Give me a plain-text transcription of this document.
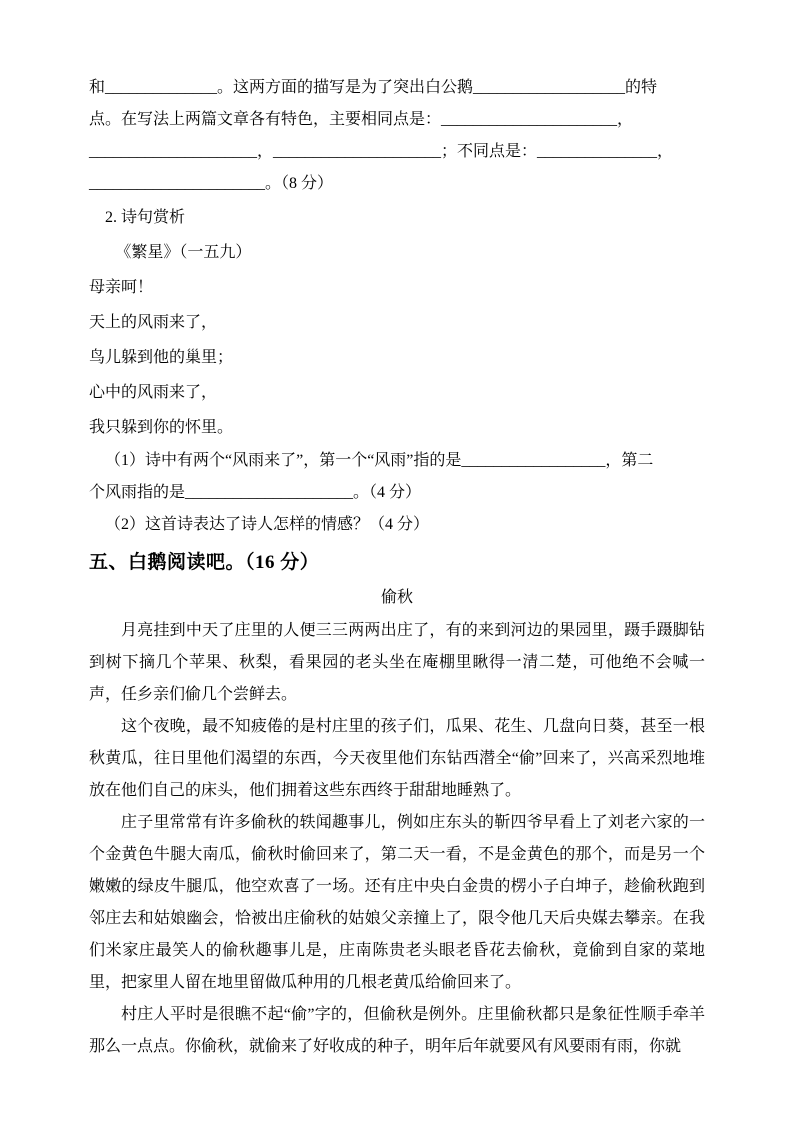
和______________。这两方面的描写是为了突出白公鹅___________________的特

点。在写法上两篇文章各有特色，主要相同点是：______________________，

_____________________，_____________________；不同点是：_______________，

______________________。（8 分）

2. 诗句赏析

《繁星》（一五九）

母亲呵！

天上的风雨来了，

鸟儿躲到他的巢里；

心中的风雨来了，

我只躲到你的怀里。

（1）诗中有两个“风雨来了”，第一个“风雨”指的是__________________，第二

个风雨指的是_____________________。（4 分）

（2）这首诗表达了诗人怎样的情感？（4 分）

五、白鹅阅读吧。（16 分）

偷秋

月亮挂到中天了庄里的人便三三两两出庄了，有的来到河边的果园里，蹑手蹑脚钻到树下摘几个苹果、秋梨，看果园的老头坐在庵棚里瞅得一清二楚，可他绝不会喊一声，任乡亲们偷几个尝鲜去。

这个夜晚，最不知疲倦的是村庄里的孩子们，瓜果、花生、几盘向日葵，甚至一根秋黄瓜，往日里他们渴望的东西，今天夜里他们东钻西潜全“偷”回来了，兴高采烈地堆放在他们自己的床头，他们拥着这些东西终于甜甜地睡熟了。

庄子里常常有许多偷秋的轶闻趣事儿，例如庄东头的靳四爷早看上了刘老六家的一个金黄色牛腿大南瓜，偷秋时偷回来了，第二天一看，不是金黄色的那个，而是另一个嫩嫩的绿皮牛腿瓜，他空欢喜了一场。还有庄中央白金贵的楞小子白坤子，趁偷秋跑到邻庄去和姑娘幽会，恰被出庄偷秋的姑娘父亲撞上了，限令他几天后央媒去攀亲。在我们米家庄最笑人的偷秋趣事儿是，庄南陈贵老头眼老昏花去偷秋，竟偷到自家的菜地里，把家里人留在地里留做瓜种用的几根老黄瓜给偷回来了。

村庄人平时是很瞧不起“偷”字的，但偷秋是例外。庄里偷秋都只是象征性顺手牵羊那么一点点。你偷秋，就偷来了好收成的种子，明年后年就要风有风要雨有雨，你就
